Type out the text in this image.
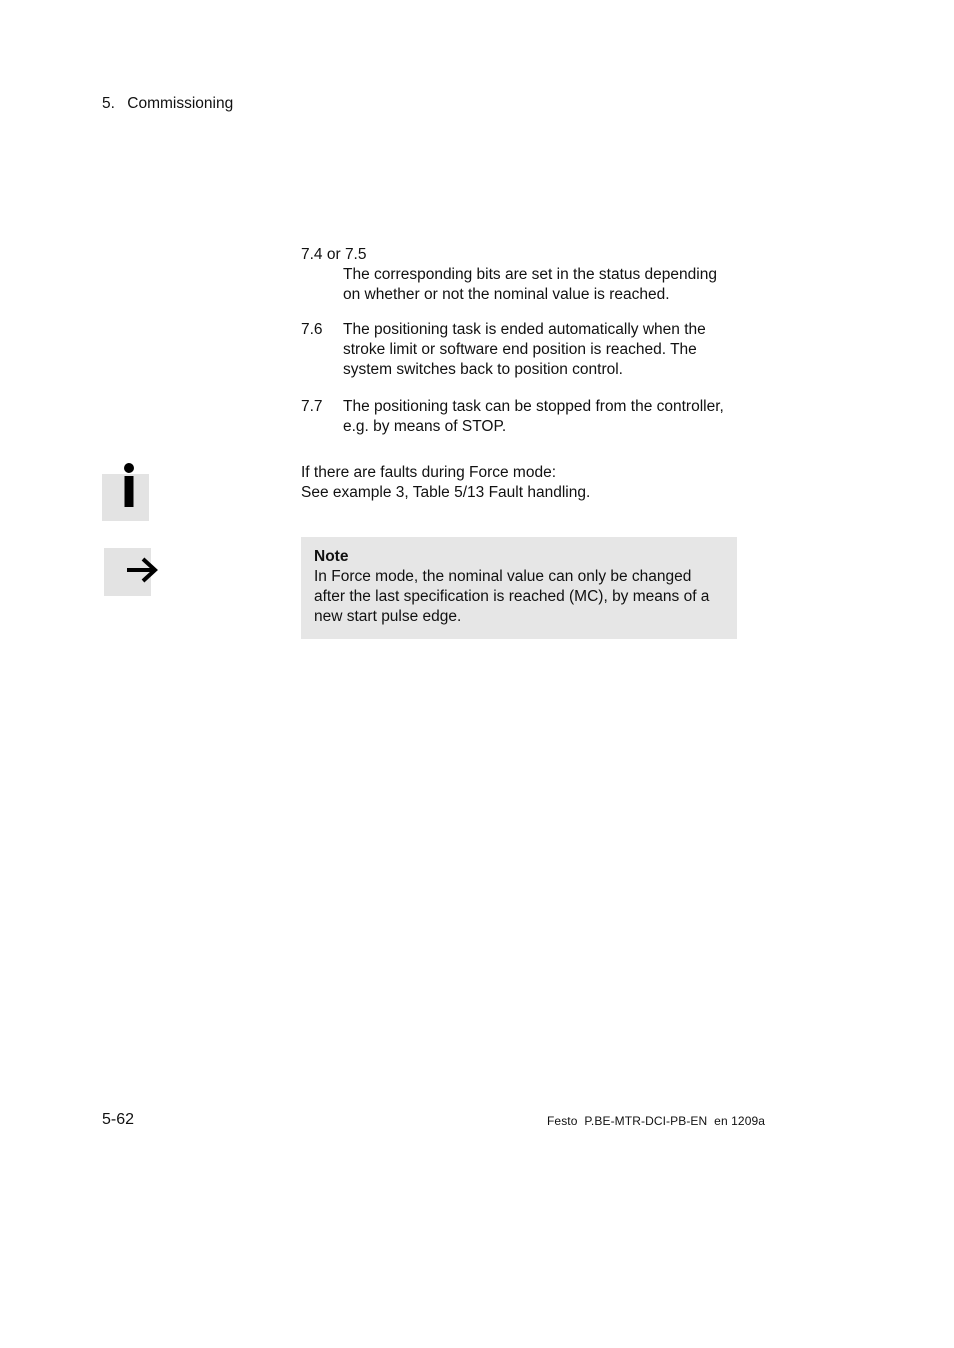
5. Commissioning
7.4 or 7.5
The corresponding bits are set in the status depending
on whether or not the nominal value is reached.
7.6 The positioning task is ended automatically when the
stroke limit or software end position is reached. The
system switches back to position control.
7.7 The positioning task can be stopped from the controller,
e.g. by means of STOP.
If there are faults during Force mode:
See example 3, Table 5/13 Fault handling.
Note
In Force mode, the nominal value can only be changed
after the last specification is reached (MC), by means of a
new start pulse edge.
5-62	Festo  P.BE-MTR-DCI-PB-EN  en 1209a
